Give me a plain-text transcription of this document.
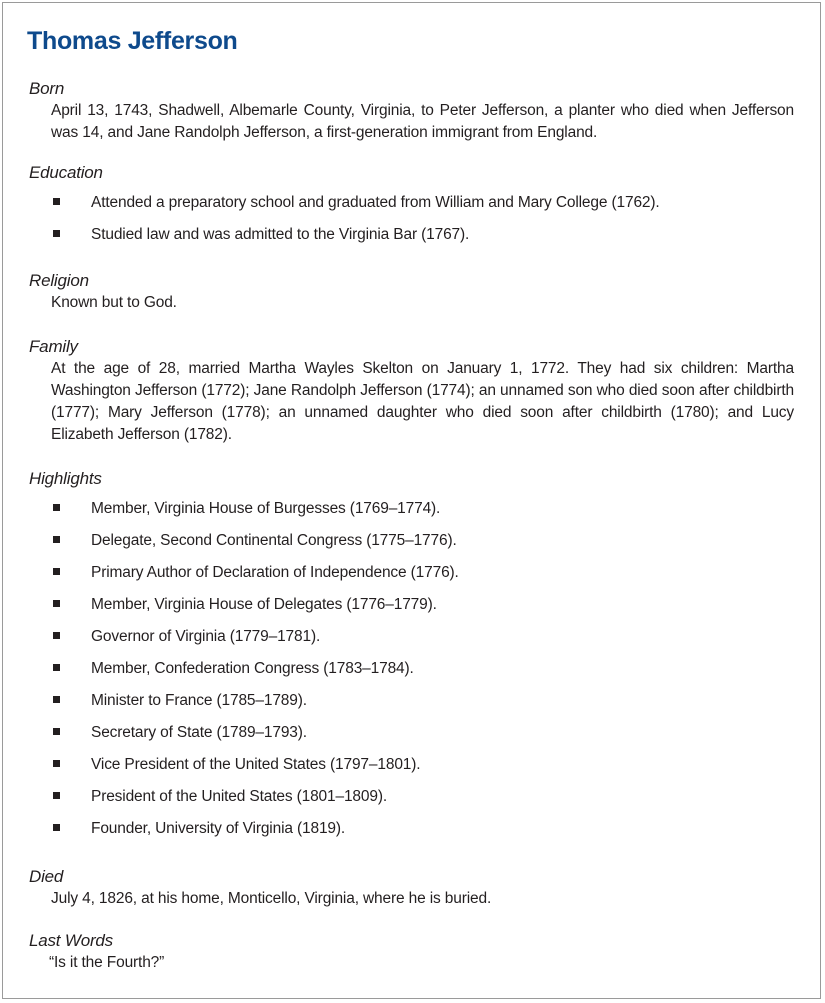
Thomas Jefferson

Born

April 13, 1743, Shadwell, Albemarle County, Virginia, to Peter Jefferson, a planter who died when Jefferson was 14, and Jane Randolph Jefferson, a first-generation immigrant from England.

Education

Attended a preparatory school and graduated from William and Mary College (1762).
Studied law and was admitted to the Virginia Bar (1767).

Religion

Known but to God.

Family

At the age of 28, married Martha Wayles Skelton on January 1, 1772. They had six children: Martha Washington Jefferson (1772); Jane Randolph Jefferson (1774); an unnamed son who died soon after childbirth (1777); Mary Jefferson (1778); an unnamed daughter who died soon after childbirth (1780); and Lucy Elizabeth Jefferson (1782).

Highlights

Member, Virginia House of Burgesses (1769–1774).
Delegate, Second Continental Congress (1775–1776).
Primary Author of Declaration of Independence (1776).
Member, Virginia House of Delegates (1776–1779).
Governor of Virginia (1779–1781).
Member, Confederation Congress (1783–1784).
Minister to France (1785–1789).
Secretary of State (1789–1793).
Vice President of the United States (1797–1801).
President of the United States (1801–1809).
Founder, University of Virginia (1819).

Died

July 4, 1826, at his home, Monticello, Virginia, where he is buried.

Last Words

“Is it the Fourth?”
